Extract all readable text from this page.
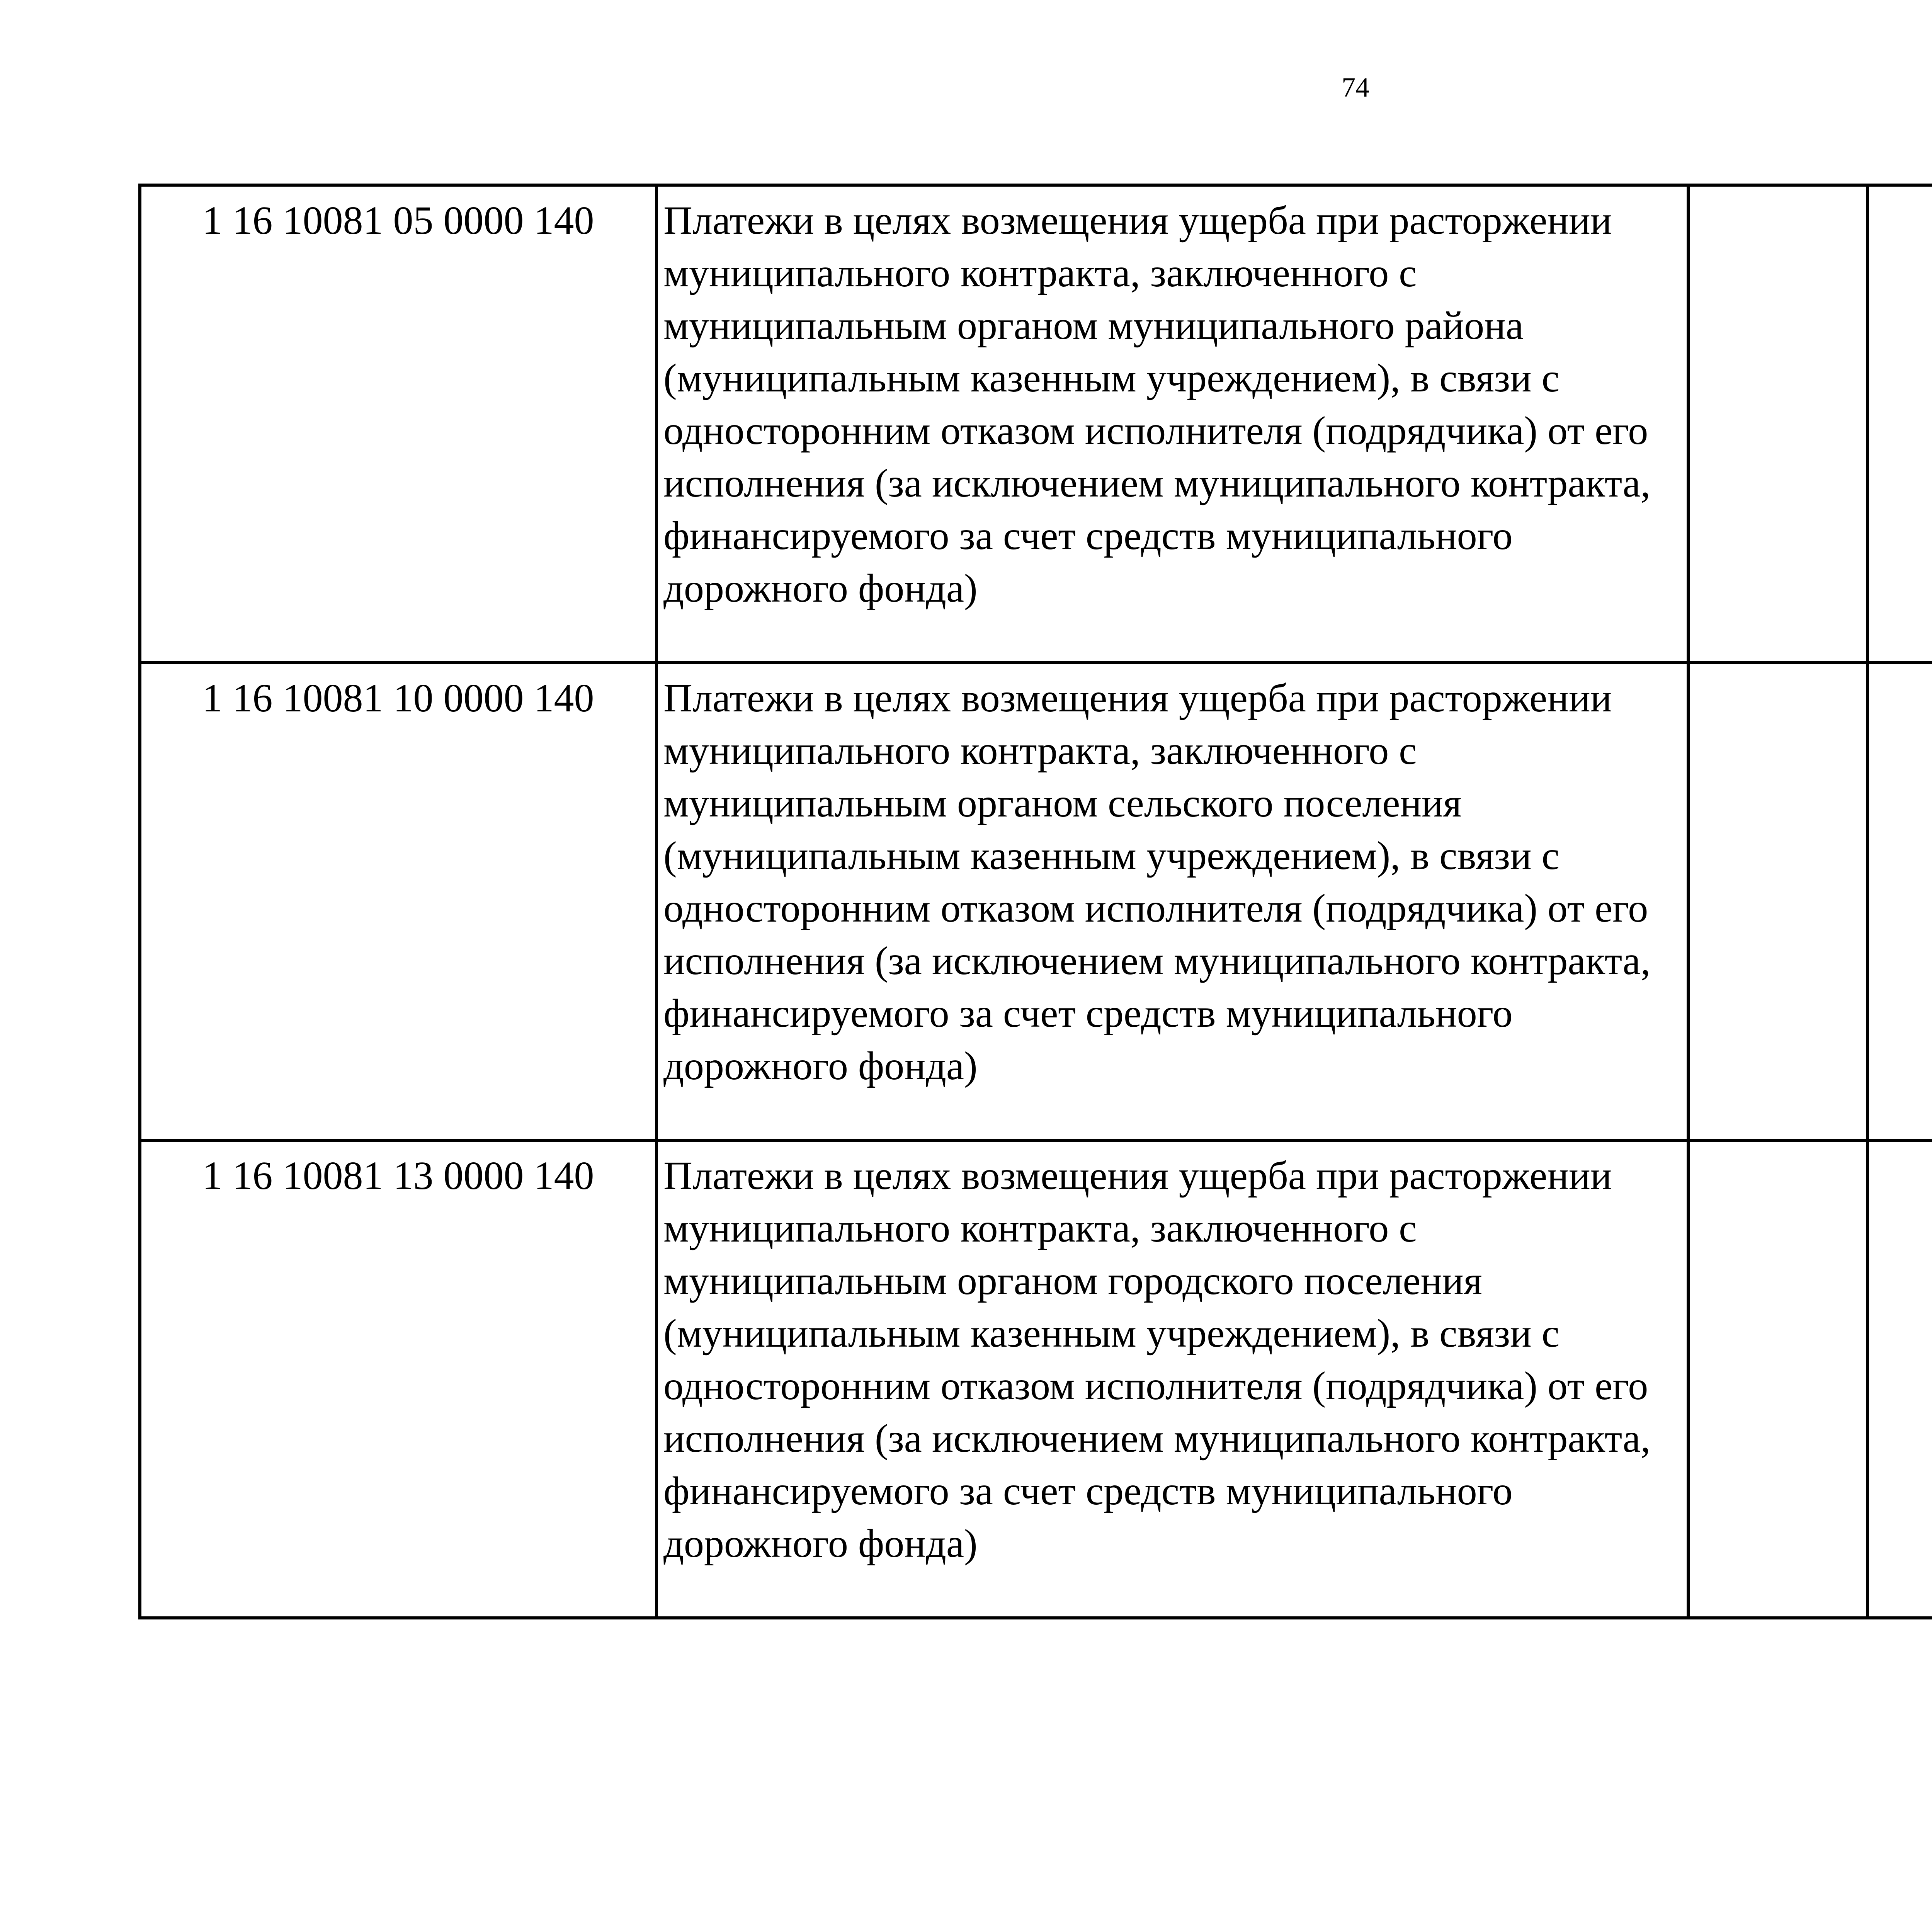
74
1 16 10081 05 0000 140	Платежи в целях возмещения ущерба при расторжении муниципального контракта, заключенного с муниципальным органом муниципального района (муниципальным казенным учреждением), в связи с односторонним отказом исполнителя (подрядчика) от его исполнения (за исключением муниципального контракта, финансируемого за счет средств муниципального дорожного фонда)					
1 16 10081 10 0000 140	Платежи в целях возмещения ущерба при расторжении муниципального контракта, заключенного с муниципальным органом сельского поселения (муниципальным казенным учреждением), в связи с односторонним отказом исполнителя (подрядчика) от его исполнения (за исключением муниципального контракта, финансируемого за счет средств муниципального дорожного фонда)					
1 16 10081 13 0000 140	Платежи в целях возмещения ущерба при расторжении муниципального контракта, заключенного с муниципальным органом городского поселения (муниципальным казенным учреждением), в связи с односторонним отказом исполнителя (подрядчика) от его исполнения (за исключением муниципального контракта, финансируемого за счет средств муниципального дорожного фонда)					
